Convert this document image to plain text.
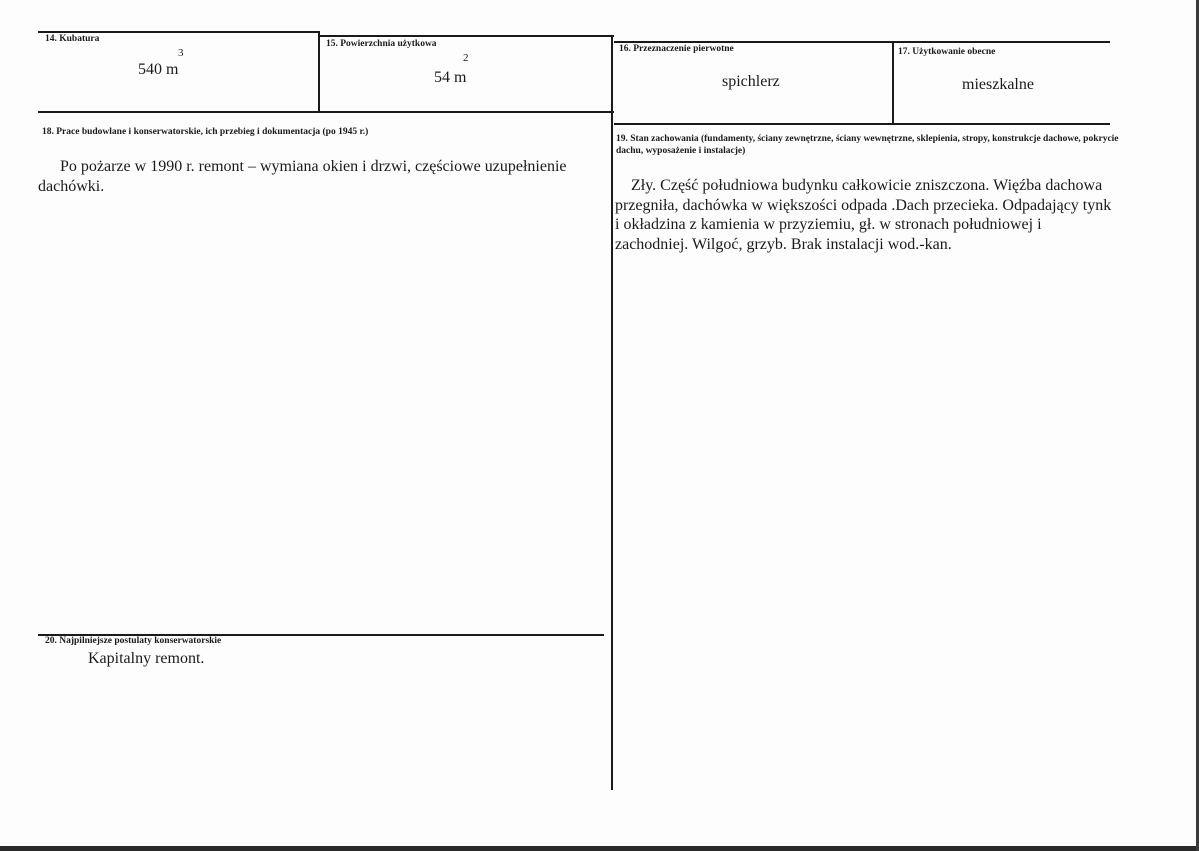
14. Kubatura
3
540 m
15. Powierzchnia użytkowa
2
54 m
16. Przeznaczenie pierwotne
spichlerz
17. Użytkowanie obecne
mieszkalne
18. Prace budowlane i konserwatorskie, ich przebieg i dokumentacja (po 1945 r.)
Po pożarze w 1990 r. remont – wymiana okien i drzwi, częściowe uzupełnienie dachówki.
19. Stan zachowania (fundamenty, ściany zewnętrzne, ściany wewnętrzne, sklepienia, stropy, konstrukcje dachowe, pokrycie dachu, wyposażenie i instalacje)
Zły. Część południowa budynku całkowicie zniszczona. Więźba dachowa przegniła, dachówka w większości odpada .Dach przecieka. Odpadający tynk i okładzina z kamienia w przyziemiu, gł. w stronach południowej i zachodniej. Wilgoć, grzyb. Brak instalacji wod.-kan.
20. Najpilniejsze postulaty konserwatorskie
Kapitalny remont.
